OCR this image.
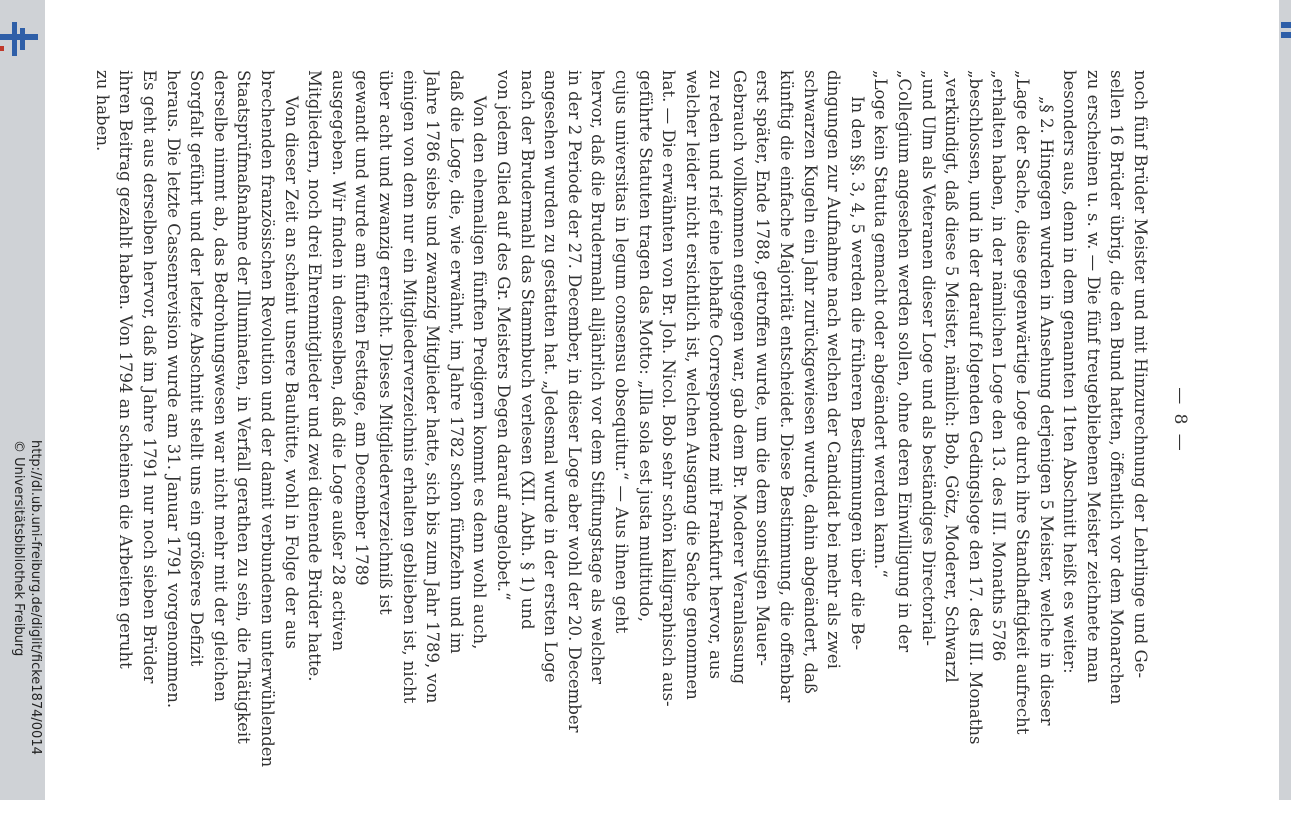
http://dl.ub.uni-freiburg.de/diglit/ficke1874/0014
© Universitätsbibliothek Freiburg
— 8 —
noch fünf Brüder Meister und mit Hinzurechnung der Lehrlinge und Ge-
sellen 16 Brüder übrig, die den Bund hatten, öffentlich vor dem Monarchen
zu erscheinen u. s. w. — Die fünf treugebliebenen Meister zeichnete man
besonders aus, denn in dem genannten 11ten Abschnitt heißt es weiter:
„§ 2. Hingegen wurden in Ansehung derjenigen 5 Meister, welche in dieser
„Lage der Sache, diese gegenwärtige Loge durch ihre Standhaftigkeit aufrecht
„erhalten haben, in der nämlichen Loge den 13. des III. Monaths 5786
„beschlossen, und in der darauf folgenden Gedingsloge den 17. des III. Monaths
„verkündigt, daß diese 5 Meister, nämlich: Bob, Götz, Moderer, Schwarzl
„und Ulm als Veteranen dieser Loge und als beständiges Directorial-
„Collegium angesehen werden sollen, ohne deren Einwilligung in der
„Loge kein Statuta gemacht oder abgeändert werden kann.“
In den §§. 3, 4, 5 werden die früheren Bestimmungen über die Be-
dingungen zur Aufnahme nach welchen der Candidat bei mehr als zwei
schwarzen Kugeln ein Jahr zurückgewiesen wurde, dahin abgeändert, daß
künftig die einfache Majorität entscheidet. Diese Bestimmung, die offenbar
erst später, Ende 1788, getroffen wurde, um die dem sonstigen Mauer-
Gebrauch vollkommen entgegen war, gab dem Br. Moderer Veranlassung
zu reden und rief eine lebhafte Correspondenz mit Frankfurt hervor, aus
welcher leider nicht ersichtlich ist, welchen Ausgang die Sache genommen
hat. — Die erwähnten von Br. Joh. Nicol. Bob sehr schön kalligraphisch aus-
geführte Statuten tragen das Motto: „Illa sola est justa multitudo,
cujus universitas in legum consensu obsequitur.“ — Aus ihnen geht
hervor, daß die Brudermahl alljährlich vor dem Stiftungstage als welcher
in der 2 Periode der 27. December, in dieser Loge aber wohl der 20. December
angesehen wurden zu gestatten hat. „Jedesmal wurde in der ersten Loge
nach der Brudermahl das Stammbuch verlesen (XII. Abth. § 1) und
von jedem Glied auf des Gr. Meisters Degen darauf angelobet.“
Von den ehemaligen fünften Predigern kommt es denn wohl auch,
daß die Loge, die, wie erwähnt, im Jahre 1782 schon fünfzehn und im
Jahre 1786 siebs und zwanzig Mitglieder hatte, sich bis zum Jahr 1789, von
einigen von dem nur ein Mitgliederverzeichnis erhalten geblieben ist, nicht
über acht und zwanzig erreicht. Dieses Mitgliederverzeichniß ist
gewandt und wurde am fünften Festtage, am December 1789
ausgegeben. Wir finden in demselben, daß die Loge außer 28 activen
Mitgliedern, noch drei Ehrenmitglieder und zwei dienende Brüder hatte.
Von dieser Zeit an scheint unsere Bauhütte, wohl in Folge der aus
brechenden französischen Revolution und der damit verbundenen unterwühlenden
Staatsprüfmaßnahme der Illuminaten, in Verfall gerathen zu sein, die Thätigkeit
derselbe nimmt ab, das Bedrohungswesen war nicht mehr mit der gleichen
Sorgfalt geführt und der letzte Abschnitt stellt uns ein größeres Defizit
heraus. Die letzte Cassenrevision wurde am 31. Januar 1791 vorgenommen.
Es geht aus derselben hervor, daß im Jahre 1791 nur noch sieben Brüder
ihren Beitrag gezahlt haben. Von 1794 an scheinen die Arbeiten geruht
zu haben.
